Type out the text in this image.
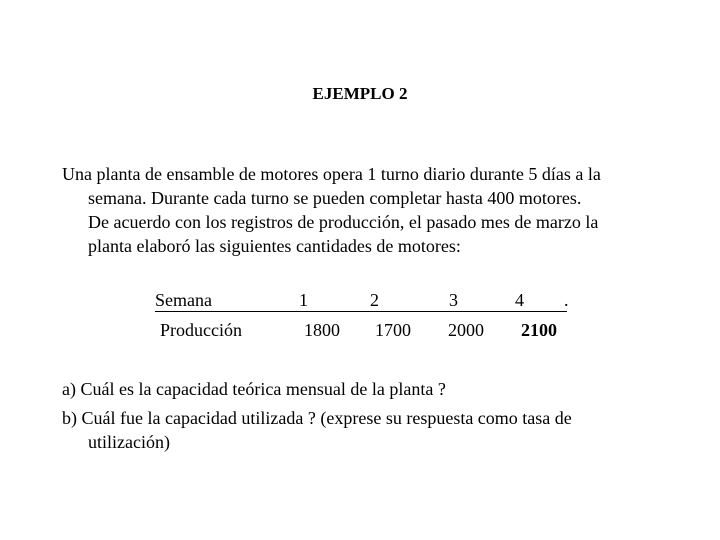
EJEMPLO 2
Una planta de ensamble de motores opera 1 turno diario durante 5 días a la
semana. Durante cada turno se pueden completar hasta 400 motores.
De acuerdo con los registros de producción, el pasado mes de marzo la
planta elaboró las siguientes cantidades de motores:
Semana	1	2	3	4 .
Producción	1800 1700 2000 2100
a) Cuál es la capacidad teórica mensual de la planta ?
b) Cuál fue la capacidad utilizada ? (exprese su respuesta como tasa de
utilización)
